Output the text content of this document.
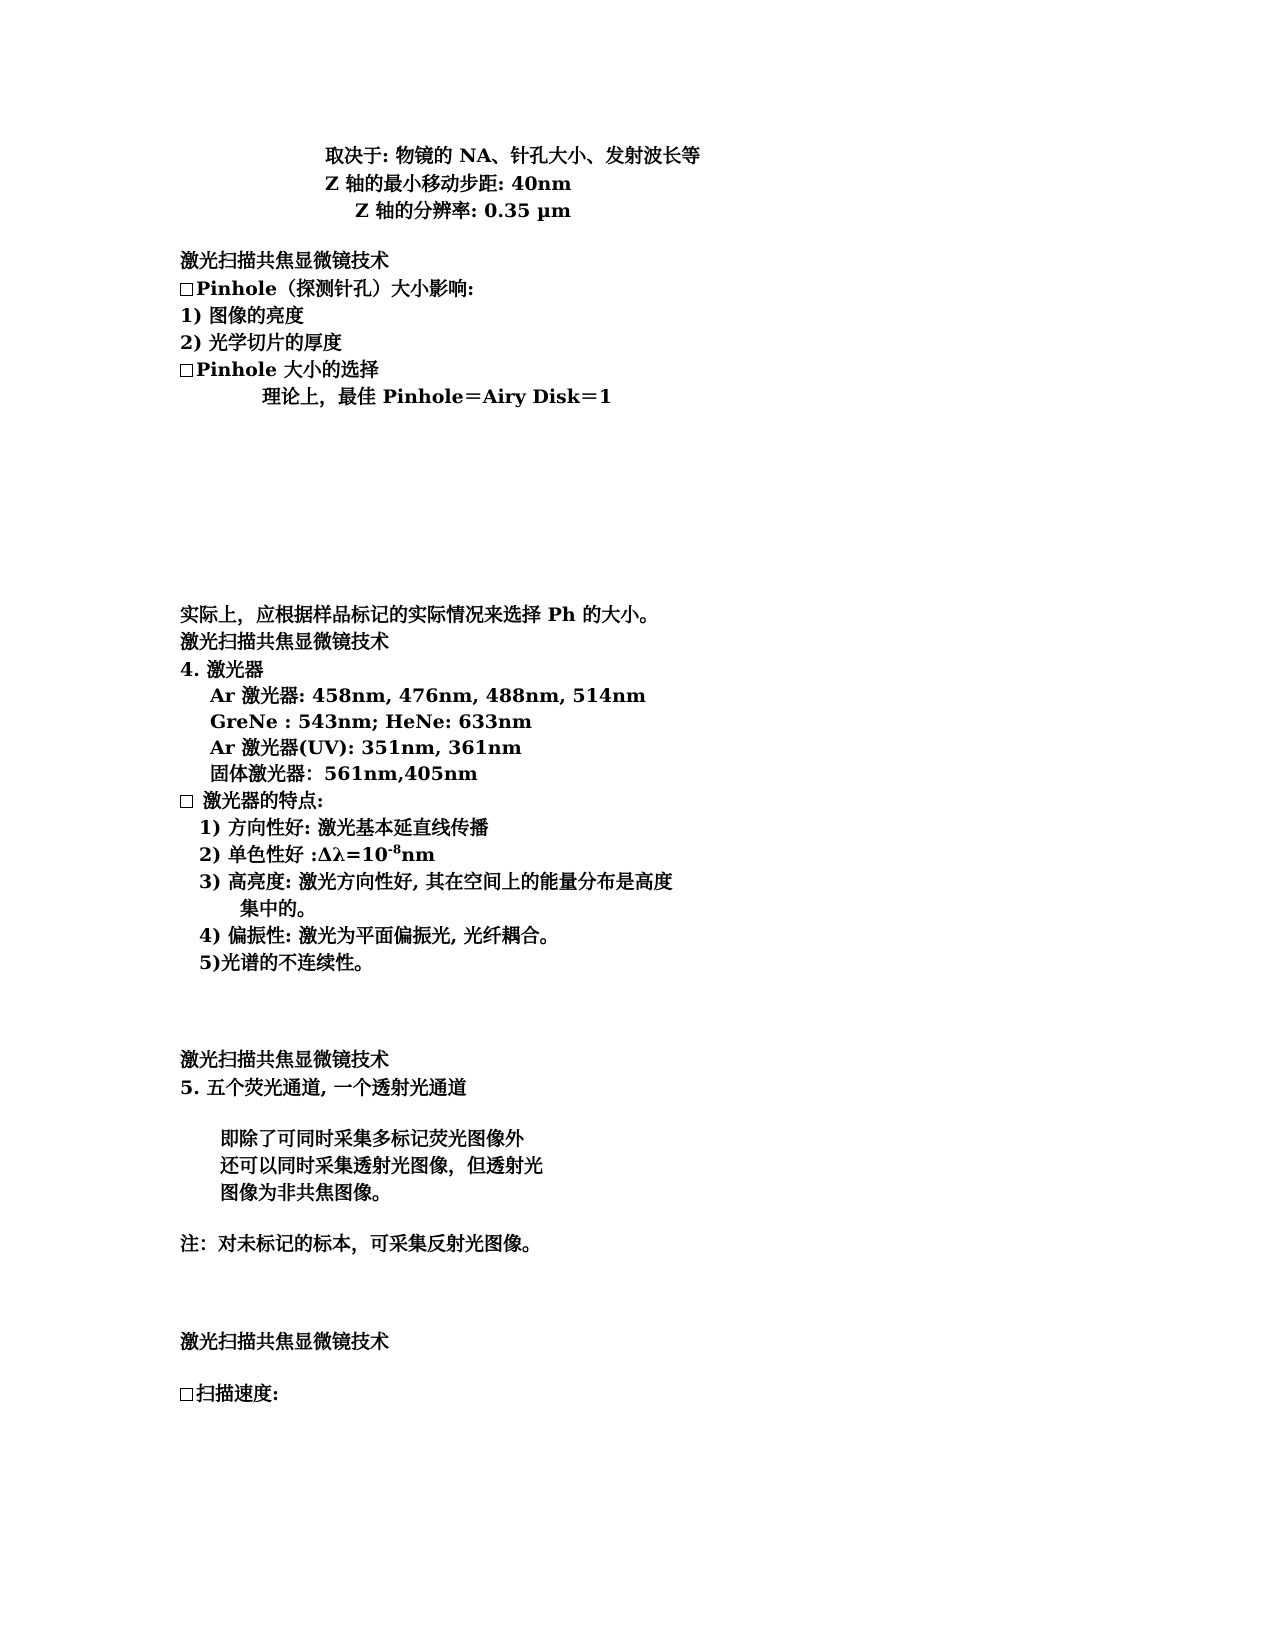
取决于: 物镜的 NA、针孔大小、发射波长等
Z 轴的最小移动步距: 40nm
Z 轴的分辨率: 0.35 µm
激光扫描共焦显微镜技术
Pinhole（探测针孔）大小影响:
1) 图像的亮度
2) 光学切片的厚度
Pinhole 大小的选择
理论上，最佳 Pinhole＝Airy Disk＝1
实际上，应根据样品标记的实际情况来选择 Ph 的大小。
激光扫描共焦显微镜技术
4. 激光器
Ar 激光器: 458nm, 476nm, 488nm, 514nm
GreNe : 543nm; HeNe: 633nm
Ar 激光器(UV): 351nm, 361nm
固体激光器：561nm,405nm
激光器的特点:
1) 方向性好: 激光基本延直线传播
2) 单色性好 $:\Delta\lambda=10^{-8}nm$
3) 高亮度: 激光方向性好, 其在空间上的能量分布是高度
集中的。
4) 偏振性: 激光为平面偏振光, 光纤耦合。
5)光谱的不连续性。
激光扫描共焦显微镜技术
5. 五个荧光通道, 一个透射光通道
即除了可同时采集多标记荧光图像外
还可以同时采集透射光图像，但透射光
图像为非共焦图像。
注：对未标记的标本，可采集反射光图像。
激光扫描共焦显微镜技术
扫描速度:
